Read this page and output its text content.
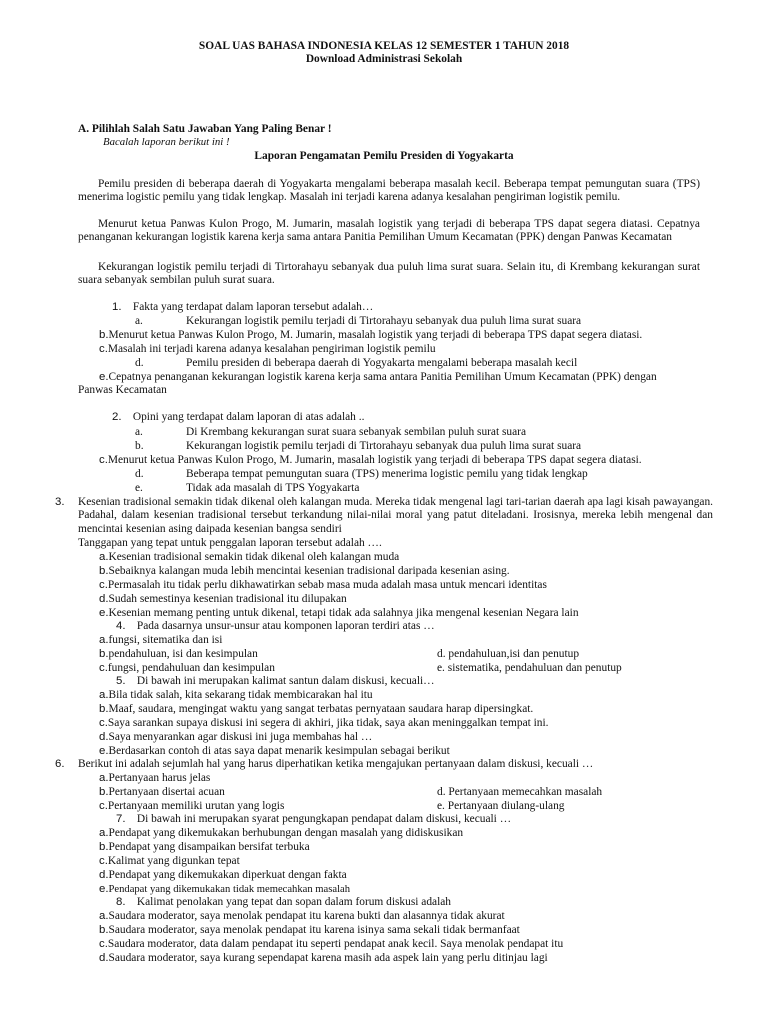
SOAL UAS BAHASA INDONESIA KELAS 12 SEMESTER 1 TAHUN 2018
Download Administrasi Sekolah
A. Pilihlah Salah Satu Jawaban Yang Paling Benar !
Bacalah laporan berikut ini !
Laporan Pengamatan Pemilu Presiden di Yogyakarta
Pemilu presiden di beberapa daerah di Yogyakarta mengalami beberapa masalah kecil. Beberapa tempat pemungutan suara (TPS) menerima logistic pemilu yang tidak lengkap. Masalah ini terjadi karena adanya kesalahan pengiriman logistik pemilu.
Menurut ketua Panwas Kulon Progo, M. Jumarin, masalah logistik yang terjadi di beberapa TPS dapat segera diatasi. Cepatnya penanganan kekurangan logistik karena kerja sama antara Panitia Pemilihan Umum Kecamatan (PPK) dengan Panwas Kecamatan
Kekurangan logistik pemilu terjadi di Tirtorahayu sebanyak dua puluh lima surat suara. Selain itu, di Krembang kekurangan surat suara sebanyak sembilan puluh surat suara.
1. Fakta yang terdapat dalam laporan tersebut adalah…
a.	Kekurangan logistik pemilu terjadi di Tirtorahayu sebanyak dua puluh lima surat suara
b.Menurut ketua Panwas Kulon Progo, M. Jumarin, masalah logistik yang terjadi di beberapa TPS dapat segera diatasi.
c.Masalah ini terjadi karena adanya kesalahan pengiriman logistik pemilu
d.	Pemilu presiden di beberapa daerah di Yogyakarta mengalami beberapa masalah kecil
e.Cepatnya penanganan kekurangan logistik karena kerja sama antara Panitia Pemilihan Umum Kecamatan (PPK) dengan
Panwas Kecamatan
2. Opini yang terdapat dalam laporan di atas adalah ..
a.	Di Krembang kekurangan surat suara sebanyak sembilan puluh surat suara
b.	Kekurangan logistik pemilu terjadi di Tirtorahayu sebanyak dua puluh lima surat suara
c.Menurut ketua Panwas Kulon Progo, M. Jumarin, masalah logistik yang terjadi di beberapa TPS dapat segera diatasi.
d.	Beberapa tempat pemungutan suara (TPS) menerima logistic pemilu yang tidak lengkap
e.	Tidak ada masalah di TPS Yogyakarta
3. Kesenian tradisional semakin tidak dikenal oleh kalangan muda. Mereka tidak mengenal lagi tari-tarian daerah apa lagi kisah pawayangan. Padahal, dalam kesenian tradisional tersebut terkandung nilai-nilai moral yang patut diteladani. Irosisnya, mereka lebih mengenal dan mencintai kesenian asing daipada kesenian bangsa sendiri
Tanggapan yang tepat untuk penggalan laporan tersebut adalah ….
a.Kesenian tradisional semakin tidak dikenal oleh kalangan muda
b.Sebaiknya kalangan muda lebih mencintai kesenian tradisional daripada kesenian asing.
c.Permasalah itu tidak perlu dikhawatirkan sebab masa muda adalah masa untuk mencari identitas
d.Sudah semestinya kesenian tradisional itu dilupakan
e.Kesenian memang penting untuk dikenal, tetapi tidak ada salahnya jika mengenal kesenian Negara lain
4. Pada dasarnya unsur-unsur atau komponen laporan terdiri atas …
a.fungsi, sitematika dan isi
b.pendahuluan, isi dan kesimpulan	d. pendahuluan,isi dan penutup
c.fungsi, pendahuluan dan kesimpulan	e. sistematika, pendahuluan dan penutup
5. Di bawah ini merupakan kalimat santun dalam diskusi, kecuali…
a.Bila tidak salah, kita sekarang tidak membicarakan hal itu
b.Maaf, saudara, mengingat waktu yang sangat terbatas pernyataan saudara harap dipersingkat.
c.Saya sarankan supaya diskusi ini segera di akhiri, jika tidak, saya akan meninggalkan tempat ini.
d.Saya menyarankan agar diskusi ini juga membahas hal …
e.Berdasarkan contoh di atas saya dapat menarik kesimpulan sebagai berikut
6. Berikut ini adalah sejumlah hal yang harus diperhatikan ketika mengajukan pertanyaan dalam diskusi, kecuali …
a.Pertanyaan harus jelas
b.Pertanyaan disertai acuan	d. Pertanyaan memecahkan masalah
c.Pertanyaan memiliki urutan yang logis	e. Pertanyaan diulang-ulang
7. Di bawah ini merupakan syarat pengungkapan pendapat dalam diskusi, kecuali …
a.Pendapat yang dikemukakan berhubungan dengan masalah yang didiskusikan
b.Pendapat yang disampaikan bersifat terbuka
c.Kalimat yang digunkan tepat
d.Pendapat yang dikemukakan diperkuat dengan fakta
e.Pendapat yang dikemukakan tidak memecahkan masalah
8. Kalimat penolakan yang tepat dan sopan dalam forum diskusi adalah
a.Saudara moderator, saya menolak pendapat itu karena bukti dan alasannya tidak akurat
b.Saudara moderator, saya menolak pendapat itu karena isinya sama sekali tidak bermanfaat
c.Saudara moderator, data dalam pendapat itu seperti pendapat anak kecil. Saya menolak pendapat itu
d.Saudara moderator, saya kurang sependapat karena masih ada aspek lain yang perlu ditinjau lagi
